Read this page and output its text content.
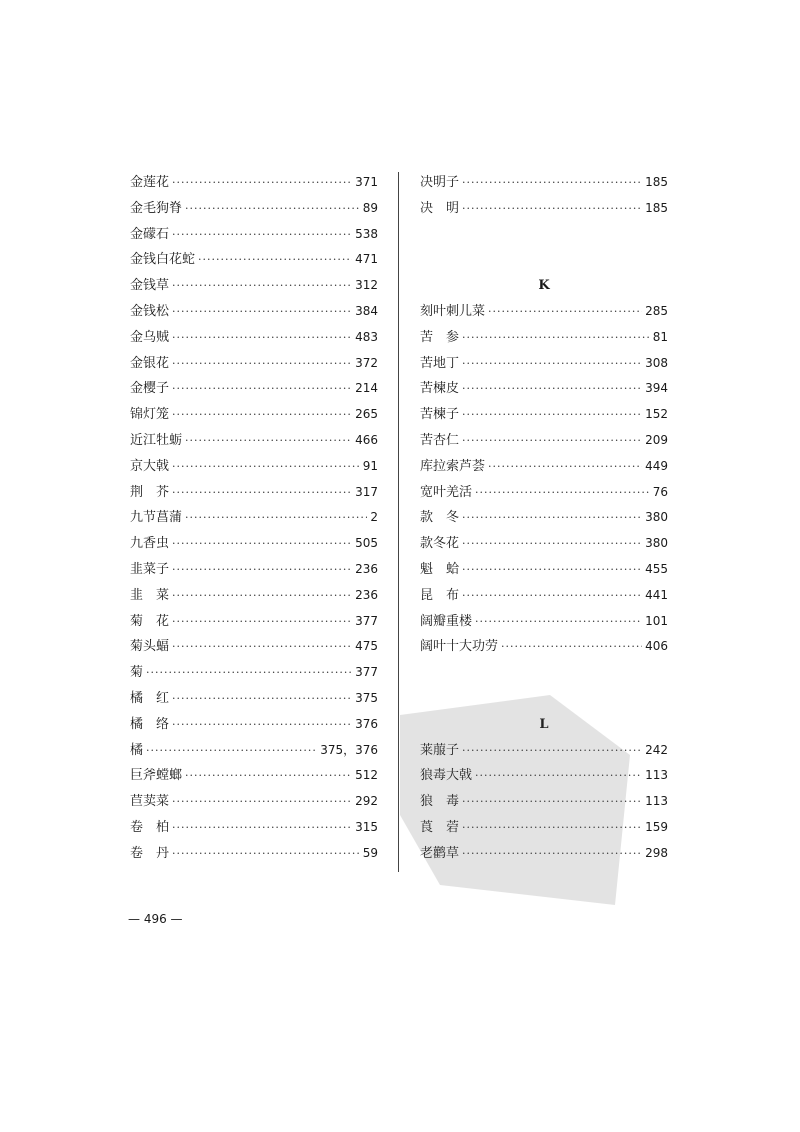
金莲花 ·····	371
金毛狗脊 ·····	89
金礞石 ·····	538
金钱白花蛇 ·····	471
金钱草 ·····	312
金钱松 ·····	384
金乌贼 ·····	483
金银花 ·····	372
金樱子 ·····	214
锦灯笼 ·····	265
近江牡蛎 ·····	466
京大戟 ·····	91
荆　芥 ·····	317
九节菖蒲 ·····	2
九香虫 ·····	505
韭菜子 ·····	236
韭　菜 ·····	236
菊　花 ·····	377
菊头蝠 ·····	475
菊 ·····	377
橘　红 ·····	375
橘　络 ·····	376
橘 ·····	375，376
巨斧螳螂 ·····	512
苣荬菜 ·····	292
卷　柏 ·····	315
卷　丹 ·····	59
决明子 ·····	185
决　明 ·····	185
K
刻叶刺儿菜 ·····	285
苦　参 ·····	81
苦地丁 ·····	308
苦楝皮 ·····	394
苦楝子 ·····	152
苦杏仁 ·····	209
库拉索芦荟 ·····	449
宽叶羌活 ·····	76
款　冬 ·····	380
款冬花 ·····	380
魁　蛤 ·····	455
昆　布 ·····	441
阔瓣重楼 ·····	101
阔叶十大功劳 ·····	406
L
莱菔子 ·····	242
狼毒大戟 ·····	113
狼　毒 ·····	113
莨　菪 ·····	159
老鹳草 ·····	298
— 496 —
